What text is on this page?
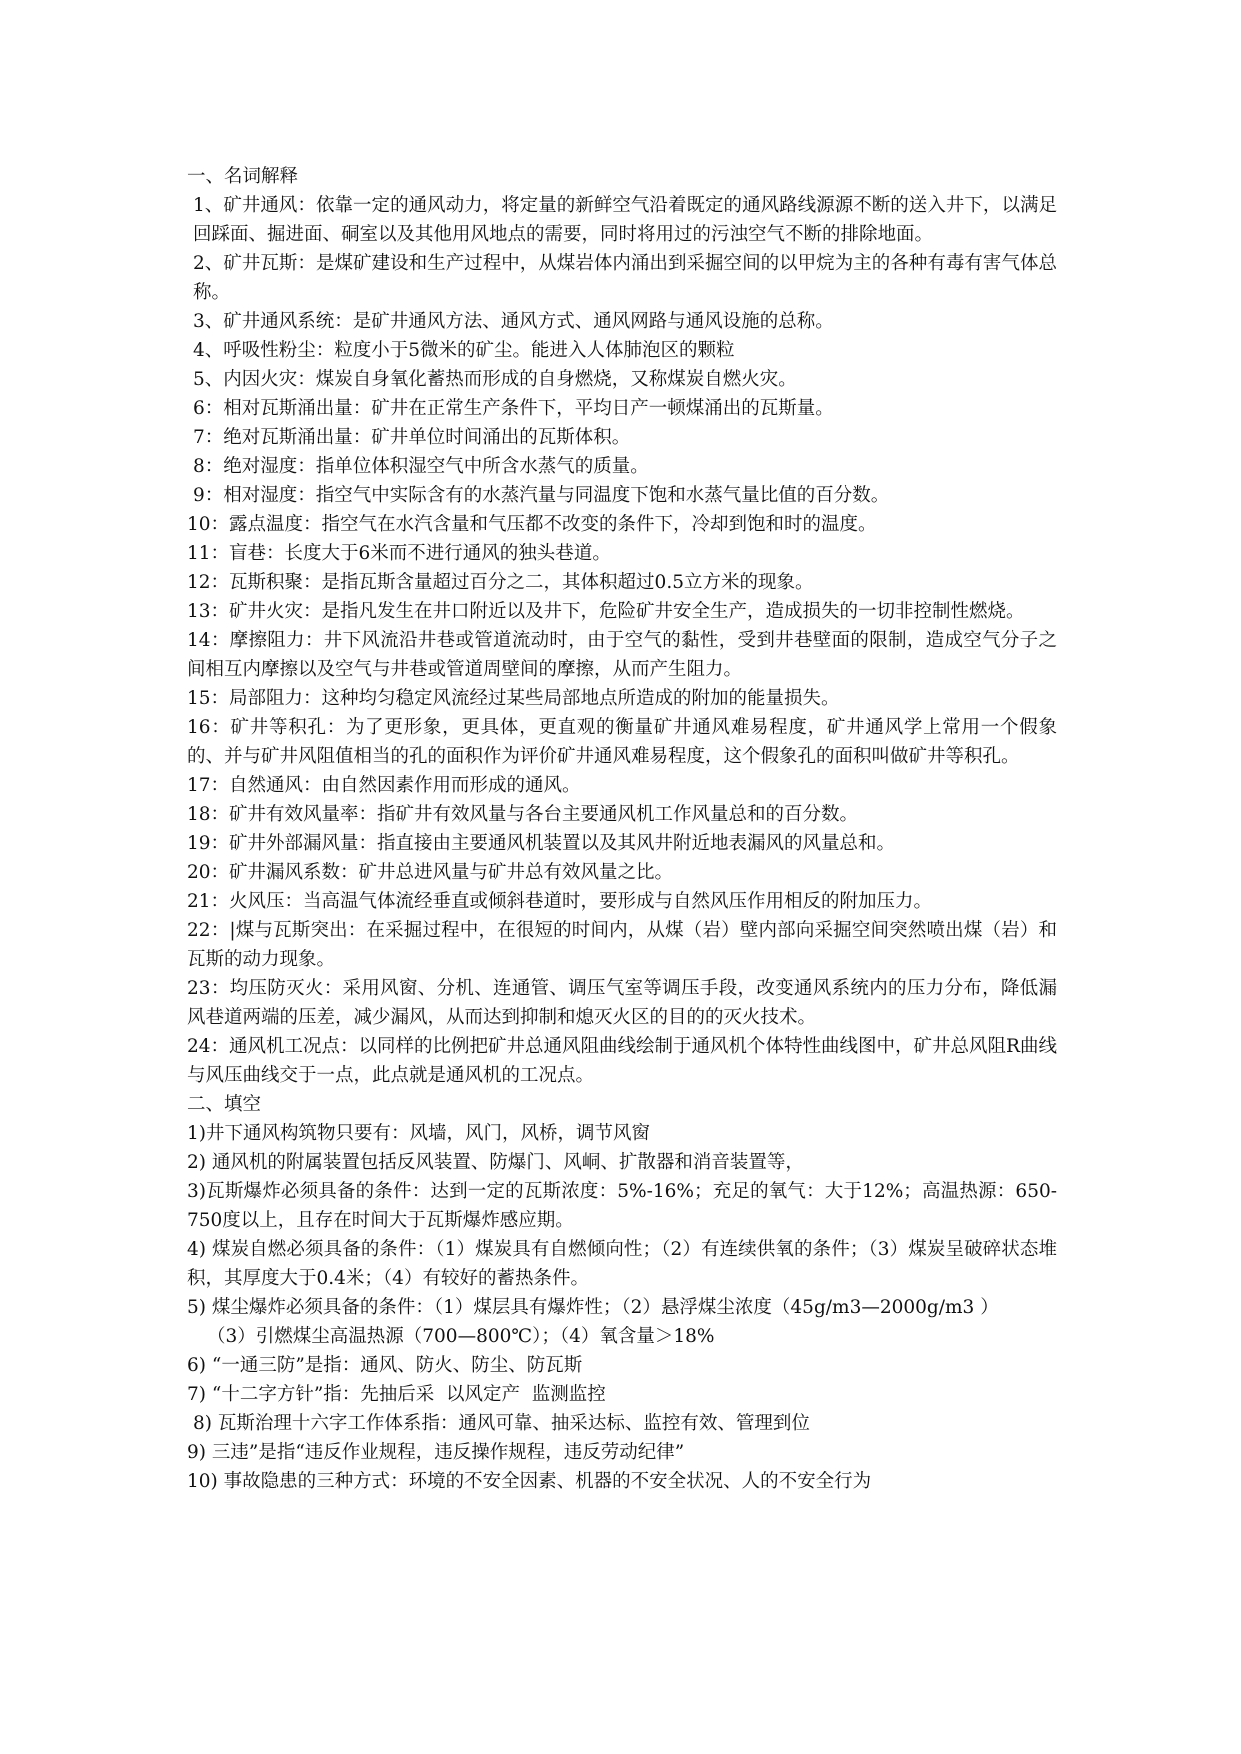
一、名词解释

1、矿井通风：依靠一定的通风动力，将定量的新鲜空气沿着既定的通风路线源源不断的送入井下，以满足回踩面、掘进面、硐室以及其他用风地点的需要，同时将用过的污浊空气不断的排除地面。

2、矿井瓦斯：是煤矿建设和生产过程中，从煤岩体内涌出到采掘空间的以甲烷为主的各种有毒有害气体总称。

3、矿井通风系统：是矿井通风方法、通风方式、通风网路与通风设施的总称。

4、呼吸性粉尘：粒度小于5微米的矿尘。能进入人体肺泡区的颗粒

5、内因火灾：煤炭自身氧化蓄热而形成的自身燃烧，又称煤炭自燃火灾。

6：相对瓦斯涌出量：矿井在正常生产条件下，平均日产一顿煤涌出的瓦斯量。

7：绝对瓦斯涌出量：矿井单位时间涌出的瓦斯体积。

8：绝对湿度：指单位体积湿空气中所含水蒸气的质量。

9：相对湿度：指空气中实际含有的水蒸汽量与同温度下饱和水蒸气量比值的百分数。

10：露点温度：指空气在水汽含量和气压都不改变的条件下，冷却到饱和时的温度。

11：盲巷：长度大于6米而不进行通风的独头巷道。

12：瓦斯积聚：是指瓦斯含量超过百分之二，其体积超过0.5立方米的现象。

13：矿井火灾：是指凡发生在井口附近以及井下，危险矿井安全生产，造成损失的一切非控制性燃烧。

14：摩擦阻力：井下风流沿井巷或管道流动时，由于空气的黏性，受到井巷壁面的限制，造成空气分子之间相互内摩擦以及空气与井巷或管道周壁间的摩擦，从而产生阻力。

15：局部阻力：这种均匀稳定风流经过某些局部地点所造成的附加的能量损失。

16：矿井等积孔：为了更形象，更具体，更直观的衡量矿井通风难易程度，矿井通风学上常用一个假象的、并与矿井风阻值相当的孔的面积作为评价矿井通风难易程度，这个假象孔的面积叫做矿井等积孔。

17：自然通风：由自然因素作用而形成的通风。

18：矿井有效风量率：指矿井有效风量与各台主要通风机工作风量总和的百分数。

19：矿井外部漏风量：指直接由主要通风机装置以及其风井附近地表漏风的风量总和。

20：矿井漏风系数：矿井总进风量与矿井总有效风量之比。

21：火风压：当高温气体流经垂直或倾斜巷道时，要形成与自然风压作用相反的附加压力。

22：|煤与瓦斯突出：在采掘过程中，在很短的时间内，从煤（岩）壁内部向采掘空间突然喷出煤（岩）和瓦斯的动力现象。

23：均压防灭火：采用风窗、分机、连通管、调压气室等调压手段，改变通风系统内的压力分布，降低漏风巷道两端的压差，减少漏风，从而达到抑制和熄灭火区的目的的灭火技术。

24：通风机工况点：以同样的比例把矿井总通风阻曲线绘制于通风机个体特性曲线图中，矿井总风阻R曲线与风压曲线交于一点，此点就是通风机的工况点。

二、填空

1)井下通风构筑物只要有：风墙，风门，风桥，调节风窗

2) 通风机的附属装置包括反风装置、防爆门、风峒、扩散器和消音装置等，

3)瓦斯爆炸必须具备的条件：达到一定的瓦斯浓度：5%-16%；充足的氧气：大于12%；高温热源：650-750度以上，且存在时间大于瓦斯爆炸感应期。

4) 煤炭自燃必须具备的条件：（1）煤炭具有自燃倾向性；（2）有连续供氧的条件；（3）煤炭呈破碎状态堆积，其厚度大于0.4米；（4）有较好的蓄热条件。

5) 煤尘爆炸必须具备的条件：（1）煤层具有爆炸性；（2）悬浮煤尘浓度（45g/m3—2000g/m3 ）

（3）引燃煤尘高温热源（700—800℃）；（4）氧含量＞18%

6) “一通三防”是指：通风、防火、防尘、防瓦斯

7) “十二字方针”指：先抽后采  以风定产  监测监控

8) 瓦斯治理十六字工作体系指：通风可靠、抽采达标、监控有效、管理到位

9) 三违”是指“违反作业规程，违反操作规程，违反劳动纪律”

10) 事故隐患的三种方式：环境的不安全因素、机器的不安全状况、人的不安全行为
